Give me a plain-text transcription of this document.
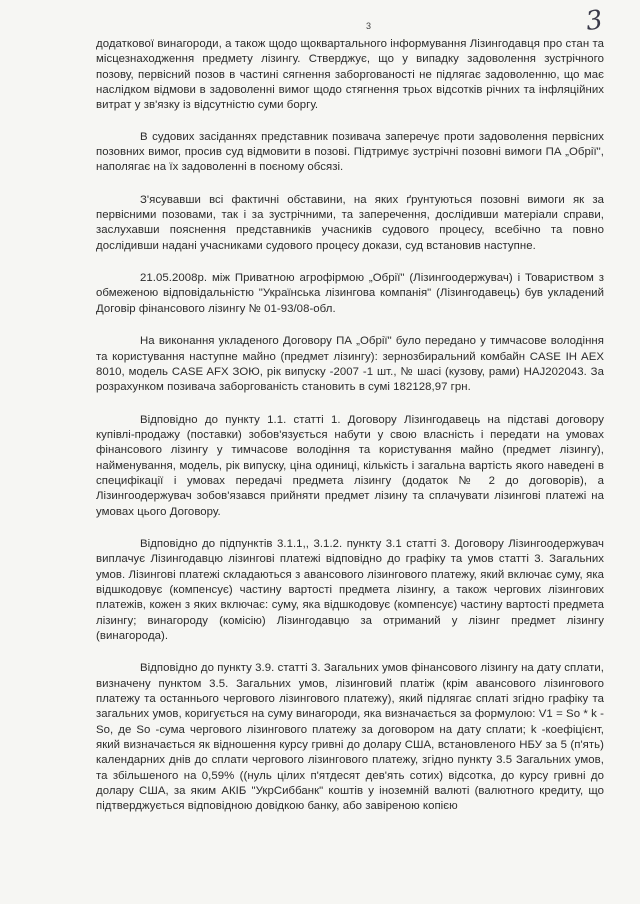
3	3

додаткової винагороди, а також щодо щоквартального інформування Лізингодавця про стан та місцезнаходження предмету лізингу. Стверджує, що у випадку задоволення зустрічного позову, первісний позов в частині сягнення заборгованості не підлягає задоволенню, що має наслідком відмови в задоволенні вимог щодо стягнення трьох відсотків річних та інфляційних витрат у зв'язку із відсутністю суми боргу.

В судових засіданнях представник позивача заперечує проти задоволення первісних позовних вимог, просив суд відмовити в позові. Підтримує зустрічні позовні вимоги ПА „Обрії", наполягає на їх задоволенні в поєному обсязі.

З'ясувавши всі фактичні обставини, на яких ґрунтуються позовні вимоги як за первісними позовами, так і за зустрічними, та заперечення, дослідивши матеріали справи, заслухавши пояснення представників учасників судового процесу, всебічно та повно дослідивши надані учасниками судового процесу докази, суд встановив наступне.

21.05.2008р. між Приватною агрофірмою „Обрії" (Лізингоодержувач) і Товариством з обмеженою відповідальністю "Українська лізингова компанія" (Лізингодавець) був укладений Договір фінансового лізингу № 01-93/08-обл.

На виконання укладеного Договору ПА „Обрії" було передано у тимчасове володіння та користування наступне майно (предмет лізингу): зернозбиральний комбайн CASE IH AEX 8010, модель CASE AFX ЗОЮ, рік випуску -2007 -1 шт., № шасі (кузову, рами) HAJ202043. За розрахунком позивача заборгованість становить в сумі 182128,97 грн.

Відповідно до пункту 1.1. статті 1. Договору Лізингодавець на підставі договору купівлі-продажу (поставки) зобов'язується набути у свою власність і передати на умовах фінансового лізингу у тимчасове володіння та користування майно (предмет лізингу), найменування, модель, рік випуску, ціна одиниці, кількість і загальна вартість якого наведені в специфікації і умовах передачі предмета лізингу (додаток № 2 до договорів), а Лізингоодержувач зобов'язався прийняти предмет лізину та сплачувати лізингові платежі на умовах цього Договору.

Відповідно до підпунктів 3.1.1,, 3.1.2. пункту 3.1 статті 3. Договору Лізингоодержувач виплачує Лізингодавцю лізингові платежі відповідно до графіку та умов статті 3. Загальних умов. Лізингові платежі складаються з авансового лізингового платежу, який включає суму, яка відшкодовує (компенсує) частину вартості предмета лізингу, а також чергових лізингових платежів, кожен з яких включає: суму, яка відшкодовує (компенсує) частину вартості предмета лізингу; винагороду (комісію) Лізингодавцю за отриманий у лізинг предмет лізингу (винагорода).

Відповідно до пункту 3.9. статті 3. Загальних умов фінансового лізингу на дату сплати, визначену пунктом 3.5. Загальних умов, лізинговий платіж (крім авансового лізингового платежу та останнього чергового лізингового платежу), який підлягає сплаті згідно графіку та загальних умов, коригується на суму винагороди, яка визначається за формулою: V1 = So * k -So, де So -сума чергового лізингового платежу за договором на дату сплати; k -коефіцієнт, який визначається як відношення курсу гривні до долару США, встановленого НБУ за 5 (п'ять) календарних днів до сплати чергового лізингового платежу, згідно пункту 3.5 Загальних умов, та збільшеного на 0,59% ((нуль цілих п'ятдесят дев'ять сотих) відсотка, до курсу гривні до долару США, за яким АКІБ "УкрСиббанк" коштів у іноземній валюті (валютного кредиту, що підтверджується відповідною довідкою банку, або завіреною копією
